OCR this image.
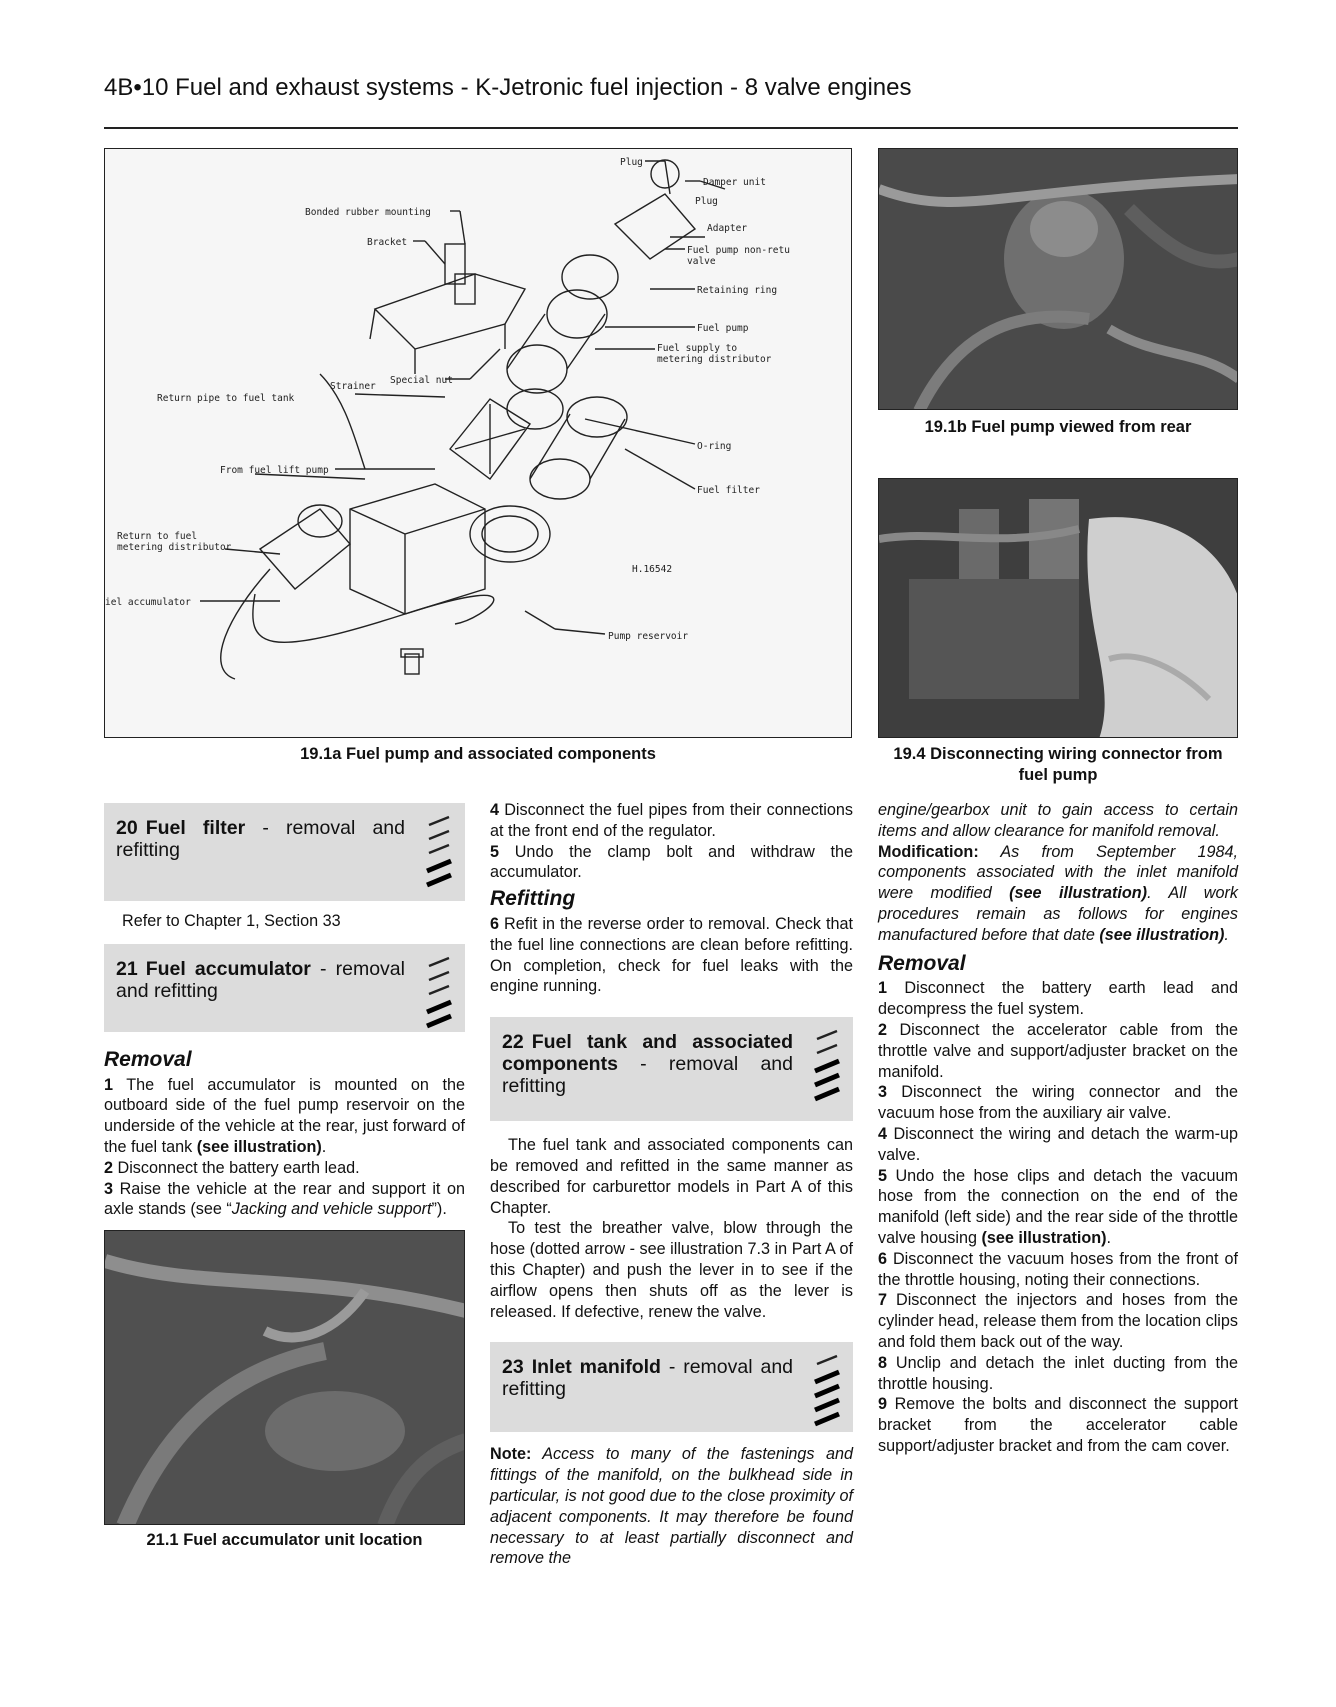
4B•10 Fuel and exhaust systems - K-Jetronic fuel injection - 8 valve engines
Plug
Damper unit
Plug
Bonded rubber mounting
Bracket
Adapter
Fuel pump non-retu
valve
Retaining ring
Fuel pump
Fuel supply to
metering distributor
Special nut
Strainer
Return pipe to fuel tank
O-ring
From fuel lift pump
Fuel filter
Return to fuel
metering distributor
H.16542
iel accumulator
Pump reservoir
19.1a Fuel pump and associated components
19.1b Fuel pump viewed from rear
19.4 Disconnecting wiring connector from
fuel pump
20 Fuel filter - removal and refitting

Refer to Chapter 1, Section 33

21 Fuel accumulator - removal and refitting
Removal

1 The fuel accumulator is mounted on the outboard side of the fuel pump reservoir on the underside of the vehicle at the rear, just forward of the fuel tank (see illustration).

2 Disconnect the battery earth lead.

3 Raise the vehicle at the rear and support it on axle stands (see “Jacking and vehicle support”).

21.1 Fuel accumulator unit location

4 Disconnect the fuel pipes from their connections at the front end of the regulator.

5 Undo the clamp bolt and withdraw the accumulator.

Refitting

6 Refit in the reverse order to removal. Check that the fuel line connections are clean before refitting. On completion, check for fuel leaks with the engine running.

22 Fuel tank and associated components - removal and refitting

The fuel tank and associated components can be removed and refitted in the same manner as described for carburettor models in Part A of this Chapter.

To test the breather valve, blow through the hose (dotted arrow - see illustration 7.3 in Part A of this Chapter) and push the lever in to see if the airflow opens then shuts off as the lever is released. If defective, renew the valve.

23 Inlet manifold - removal and refitting

Note: Access to many of the fastenings and fittings of the manifold, on the bulkhead side in particular, is not good due to the close proximity of adjacent components. It may therefore be found necessary to at least partially disconnect and remove the

engine/gearbox unit to gain access to certain items and allow clearance for manifold removal.

Modification: As from September 1984, components associated with the inlet manifold were modified (see illustration). All work procedures remain as follows for engines manufactured before that date (see illustration).

Removal

1 Disconnect the battery earth lead and decompress the fuel system.

2 Disconnect the accelerator cable from the throttle valve and support/adjuster bracket on the manifold.

3 Disconnect the wiring connector and the vacuum hose from the auxiliary air valve.

4 Disconnect the wiring and detach the warm-up valve.

5 Undo the hose clips and detach the vacuum hose from the connection on the end of the manifold (left side) and the rear side of the throttle valve housing (see illustration).

6 Disconnect the vacuum hoses from the front of the throttle housing, noting their connections.

7 Disconnect the injectors and hoses from the cylinder head, release them from the location clips and fold them back out of the way.

8 Unclip and detach the inlet ducting from the throttle housing.

9 Remove the bolts and disconnect the support bracket from the accelerator cable support/adjuster bracket and from the cam cover.
